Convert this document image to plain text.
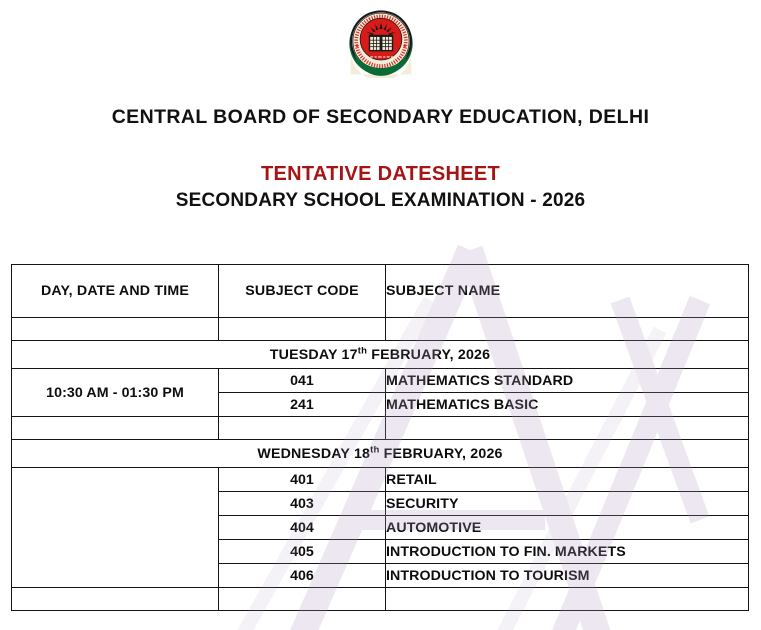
CENTRAL BOARD OF SECONDARY EDUCATION, DELHI
TENTATIVE DATESHEET
SECONDARY SCHOOL EXAMINATION - 2026
DAY, DATE AND TIME	SUBJECT CODE	SUBJECT NAME

TUESDAY 17th FEBRUARY, 2026		
10:30 AM - 01:30 PM	041	MATHEMATICS STANDARD
	241	MATHEMATICS BASIC

WEDNESDAY 18th FEBRUARY, 2026		
	401	RETAIL
	403	SECURITY
	404	AUTOMOTIVE
	405	INTRODUCTION TO FIN. MARKETS
	406	INTRODUCTION TO TOURISM
